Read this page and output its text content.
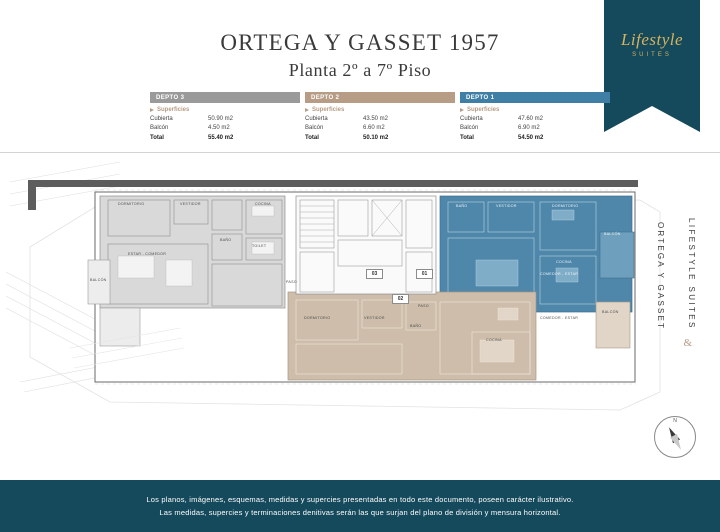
ORTEGA Y GASSET 1957
Planta 2º a 7º Piso
Lifestyle
SUITES
DEPTO 3
Superficies
Cubierta	50.90 m2
Balcón	4.50 m2
Total	55.40 m2
DEPTO 2
Superficies
Cubierta	43.50 m2
Balcón	6.60 m2
Total	50.10 m2
DEPTO 1
Superficies
Cubierta	47.60 m2
Balcón	6.90 m2
Total	54.50 m2
DORMITORIO	VESTIDOR	COCINA
BAÑO
TOILET
ESTAR - COMEDOR
BALCÓN	PASO
BAÑO	VESTIDOR	DORMITORIO
COMEDOR - ESTAR
BALCÓN
COCINA
DORMITORIO	VESTIDOR
BAÑO
COMEDOR - ESTAR
COCINA
BALCÓN
PASO
03	01
02	ORTEGA Y GASSET	LIFESTYLE SUITES
&
N
Los planos, imágenes, esquemas, medidas y supercies presentadas en todo este documento, poseen carácter ilustrativo.
Las medidas, supercies y terminaciones denitivas serán las que surjan del plano de división y mensura horizontal.
